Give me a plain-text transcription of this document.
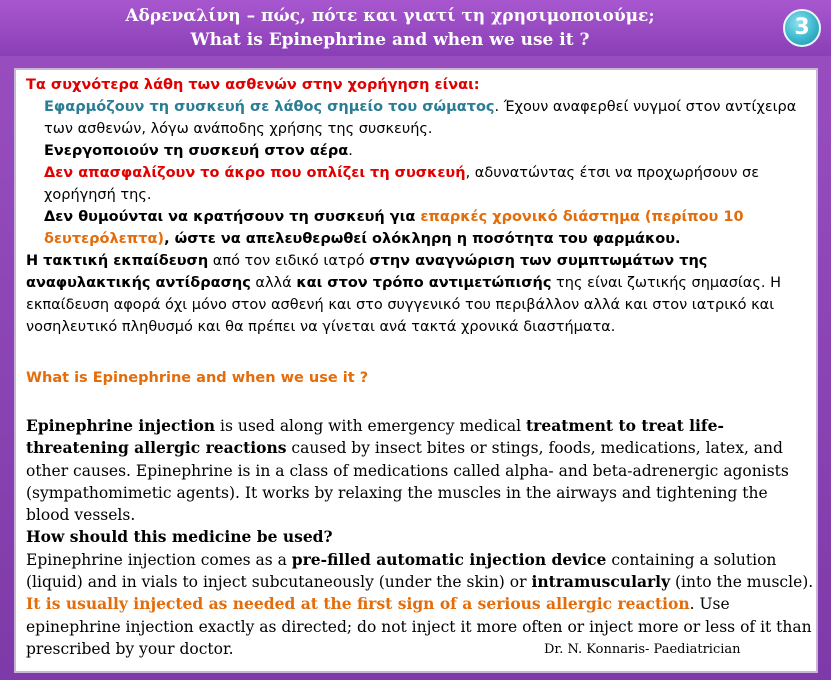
Αδρεναλίνη – πώς, πότε και γιατί τη χρησιμοποιούμε;
What is Epinephrine and when we use it ?	3

Τα συχνότερα λάθη των ασθενών στην χορήγηση είναι:

Εφαρμόζουν τη συσκευή σε λάθος σημείο του σώματος. Έχουν αναφερθεί νυγμοί στον αντίχειρα των ασθενών, λόγω ανάποδης χρήσης της συσκευής.

Ενεργοποιούν τη συσκευή στον αέρα.

Δεν απασφαλίζουν το άκρο που οπλίζει τη συσκευή, αδυνατώντας έτσι να προχωρήσουν σε χορήγησή της.

Δεν θυμούνται να κρατήσουν τη συσκευή για επαρκές χρονικό διάστημα (περίπου 10 δευτερόλεπτα), ώστε να απελευθερωθεί ολόκληρη η ποσότητα του φαρμάκου.

Η τακτική εκπαίδευση από τον ειδικό ιατρό στην αναγνώριση των συμπτωμάτων της αναφυλακτικής αντίδρασης αλλά και στον τρόπο αντιμετώπισής της είναι ζωτικής σημασίας. Η εκπαίδευση αφορά όχι μόνο στον ασθενή και στο συγγενικό του περιβάλλον αλλά και στον ιατρικό και νοσηλευτικό πληθυσμό και θα πρέπει να γίνεται ανά τακτά χρονικά διαστήματα.

What is Epinephrine and when we use it ?

Epinephrine injection is used along with emergency medical treatment to treat life-threatening allergic reactions caused by insect bites or stings, foods, medications, latex, and other causes. Epinephrine is in a class of medications called alpha- and beta-adrenergic agonists (sympathomimetic agents). It works by relaxing the muscles in the airways and tightening the blood vessels.

How should this medicine be used?

Epinephrine injection comes as a pre-filled automatic injection device containing a solution (liquid) and in vials to inject subcutaneously (under the skin) or intramuscularly (into the muscle). It is usually injected as needed at the first sign of a serious allergic reaction. Use epinephrine injection exactly as directed; do not inject it more often or inject more or less of it than prescribed by your doctor.	Dr. N. Konnaris- Paediatrician
